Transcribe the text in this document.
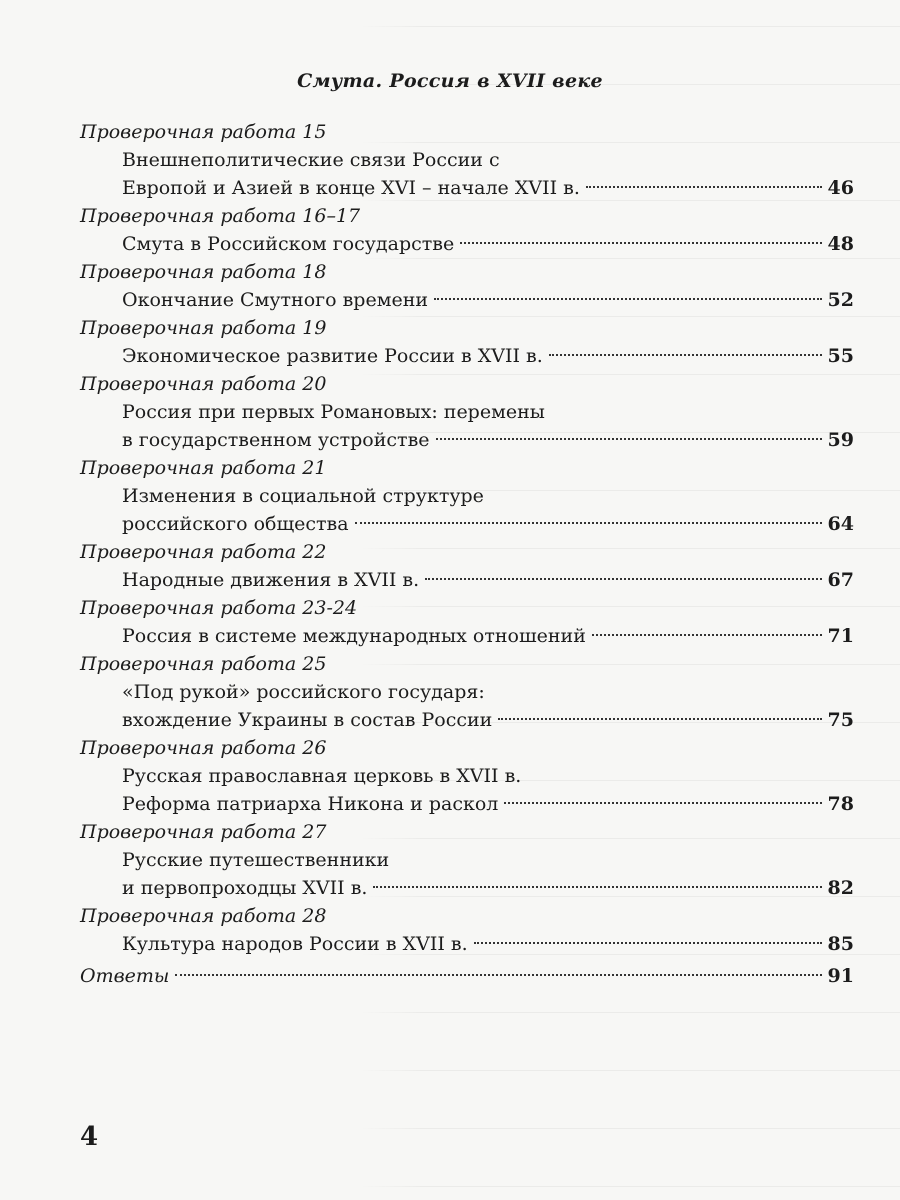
Смута. Россия в XVII веке
Проверочная работа 15
Внешнеполитические связи России с
Европой и Азией в конце XVI – начале XVII в.	46
Проверочная работа 16–17
Смута в Российском государстве	48
Проверочная работа 18
Окончание Смутного времени	52
Проверочная работа 19
Экономическое развитие России в XVII в.	55
Проверочная работа 20
Россия при первых Романовых: перемены
в государственном устройстве	59
Проверочная работа 21
Изменения в социальной структуре
российского общества	64
Проверочная работа 22
Народные движения в XVII в.	67
Проверочная работа 23-24
Россия в системе международных отношений	71
Проверочная работа 25
«Под рукой» российского государя:
вхождение Украины в состав России	75
Проверочная работа 26
Русская православная церковь в XVII в.
Реформа патриарха Никона и раскол	78
Проверочная работа 27
Русские путешественники
и первопроходцы XVII в.	82
Проверочная работа 28
Культура народов России в XVII в.	85
Ответы	91
4
